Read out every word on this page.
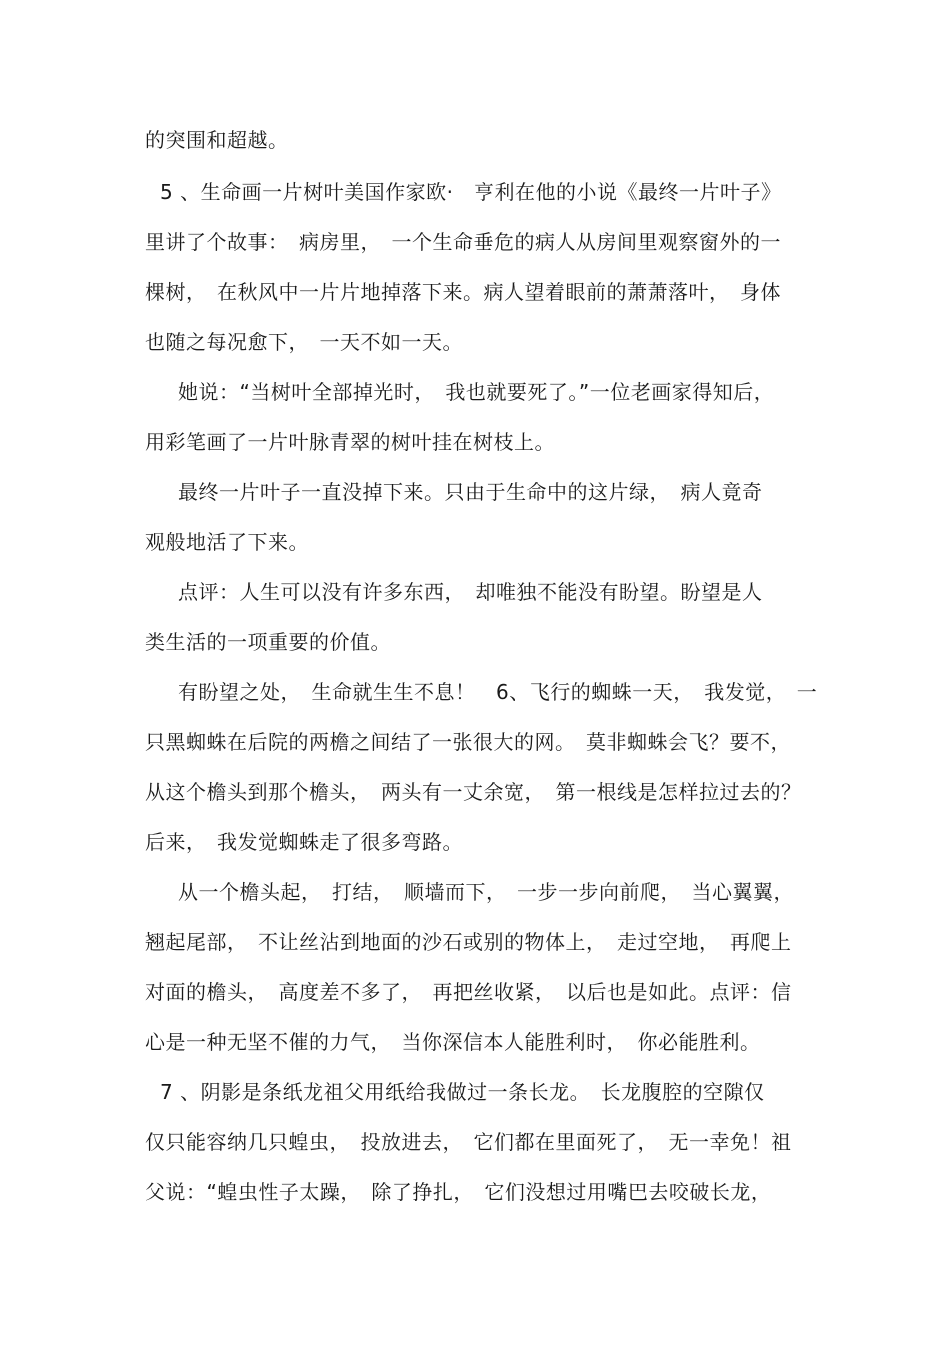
的突围和超越。
5 、生命画一片树叶美国作家欧·　亨利在他的小说《最终一片叶子》
里讲了个故事：　病房里，　一个生命垂危的病人从房间里观察窗外的一
棵树，　在秋风中一片片地掉落下来。病人望着眼前的萧萧落叶，　身体
也随之每况愈下，　一天不如一天。
她说：“当树叶全部掉光时，　我也就要死了。”一位老画家得知后，
用彩笔画了一片叶脉青翠的树叶挂在树枝上。
最终一片叶子一直没掉下来。只由于生命中的这片绿，　病人竟奇
观般地活了下来。
点评：人生可以没有许多东西，　却唯独不能没有盼望。盼望是人
类生活的一项重要的价值。
有盼望之处，　生命就生生不息！　6、飞行的蜘蛛一天，　我发觉，　一
只黑蜘蛛在后院的两檐之间结了一张很大的网。　莫非蜘蛛会飞？要不，
从这个檐头到那个檐头，　两头有一丈余宽，　第一根线是怎样拉过去的？
后来，　我发觉蜘蛛走了很多弯路。
从一个檐头起，　打结，　顺墙而下，　一步一步向前爬，　当心翼翼，
翘起尾部，　不让丝沾到地面的沙石或别的物体上，　走过空地，　再爬上
对面的檐头，　高度差不多了，　再把丝收紧，　以后也是如此。点评：信
心是一种无坚不催的力气，　当你深信本人能胜利时，　你必能胜利。
7 、阴影是条纸龙祖父用纸给我做过一条长龙。　长龙腹腔的空隙仅
仅只能容纳几只蝗虫，　投放进去，　它们都在里面死了，　无一幸免！祖
父说：“蝗虫性子太躁，　除了挣扎，　它们没想过用嘴巴去咬破长龙，
